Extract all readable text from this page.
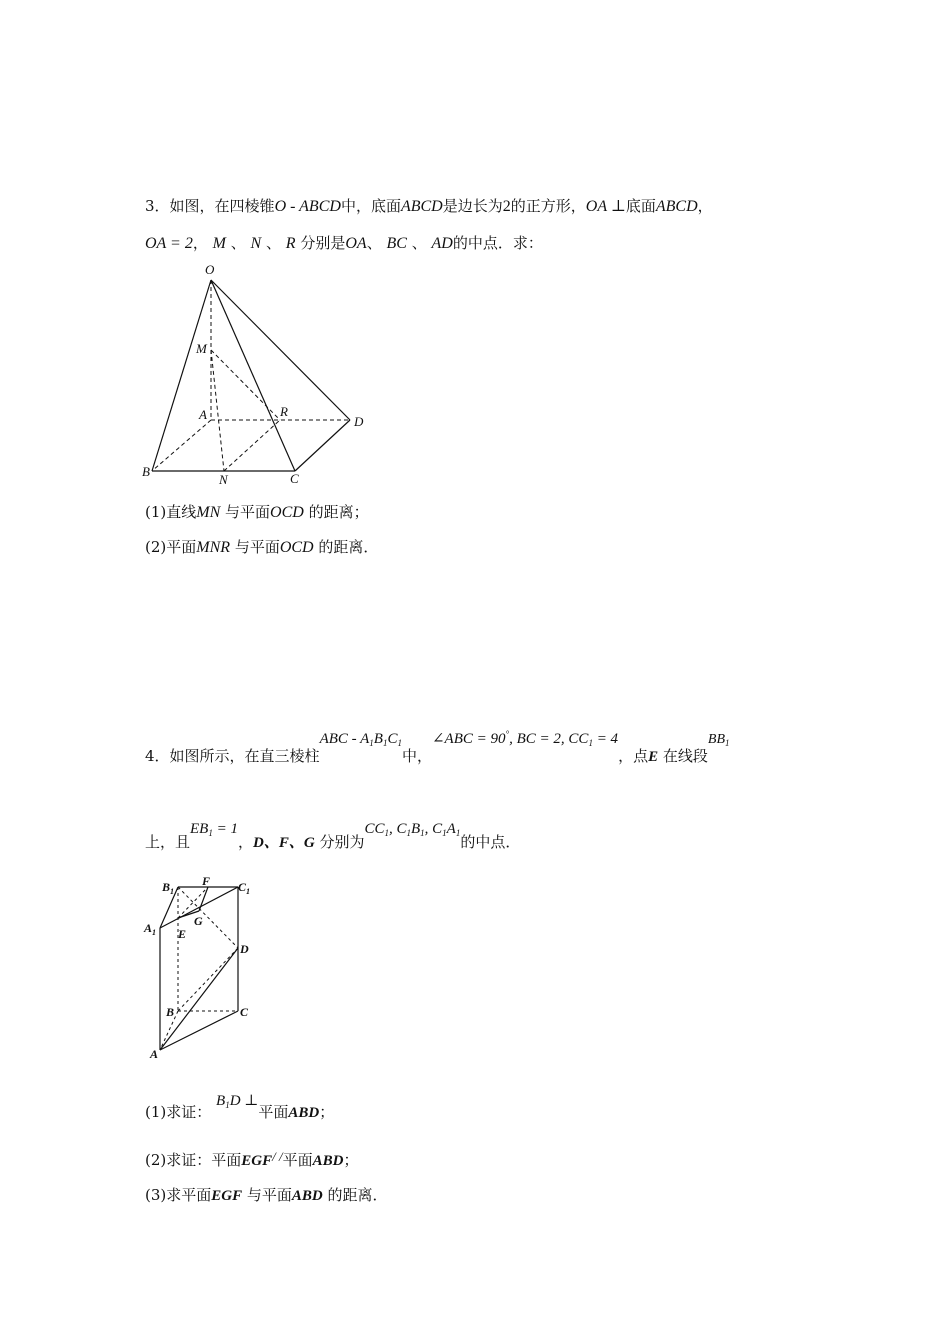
3．如图，在四棱锥O - ABCD中，底面ABCD是边长为2的正方形，OA ⊥底面ABCD，
OA = 2， M 、 N 、 R 分别是OA、 BC 、 AD的中点．求：
O
M
A	R
D
B
N	C
(1)直线MN 与平面OCD 的距离；
(2)平面MNR 与平面OCD 的距离．
4．如图所示，在直三棱柱ABC - $A_1B_1C_1$中，∠ABC = 90°, BC = 2, $CC_1 = 4$，点E 在线段$BB_1$
上，且$EB_1 = 1$，D、F、G 分别为$CC_1$, $C_1B_1$, $C_1A_1$的中点．
$B_1$
F $C_1$
$A_1$
G
E
D
B	C
A
(1)求证： $B_1D$ ⊥平面ABD；
(2)求证：平面EGF/ /平面ABD；
(3)求平面EGF 与平面ABD 的距离．
